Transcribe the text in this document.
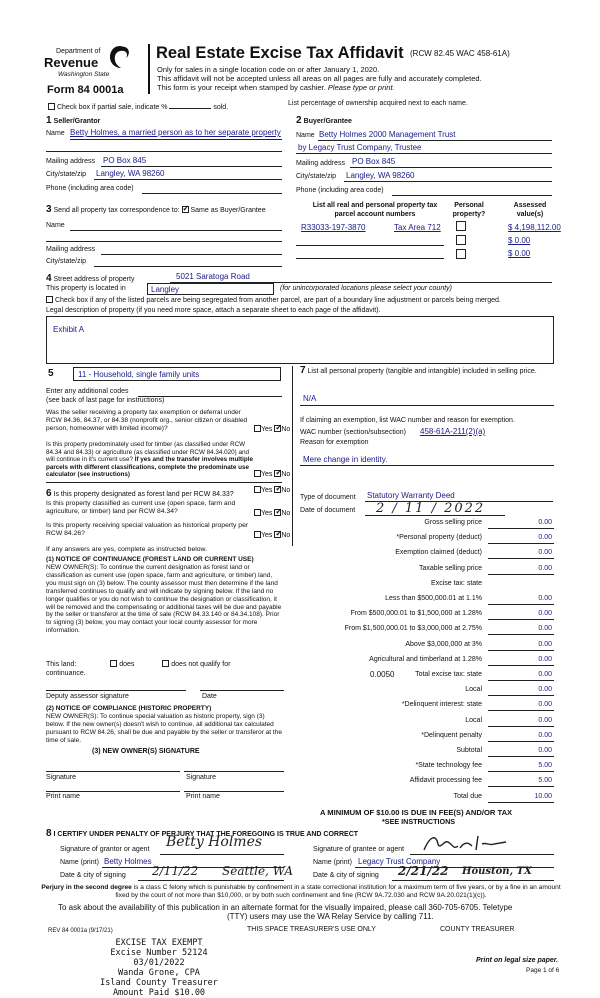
Department of
Revenue
Washington State
Form 84 0001a
Real Estate Excise Tax Affidavit (RCW 82.45 WAC 458-61A)
Only for sales in a single location code on or after January 1, 2020.
This affidavit will not be accepted unless all areas on all pages are fully and accurately completed.
This form is your receipt when stamped by cashier. Please type or print.
Check box if partial sale, indicate %	sold.
List percentage of ownership acquired next to each name.
1 Seller/Grantor
Name Betty Holmes, a married person as to her separate property
Mailing address PO Box 845
City/state/zip Langley, WA 98260
Phone (including area code)
2 Buyer/Grantee
Name Betty Holmes 2000 Management Trust
by Legacy Trust Company, Trustee
Mailing address PO Box 845
City/state/zip Langley, WA 98260
Phone (including area code)
3 Send all property tax correspondence to: ✓ Same as Buyer/Grantee
Name
Mailing address
City/state/zip
List all real and personal property tax
parcel account numbers
Personal
property?
Assessed
value(s)
R33033-197-3870	Tax Area 712	$ 4,198,112.00
$ 0.00
$ 0.00
4 Street address of property	5021 Saratoga Road
This property is located in	Langley	(for unincorporated locations please select your county)
Check box if any of the listed parcels are being segregated from another parcel, are part of a boundary line adjustment or parcels being merged.
Legal description of property (if you need more space, attach a separate sheet to each page of the affidavit).
Exhibit A
5	11 - Household, single family units
Enter any additional codes
(see back of last page for instructions)
Was the seller receiving a property tax exemption or deferral under RCW 84.36, 84.37, or 84.38 (nonprofit org., senior citizen or disabled person, homeowner with limited income)?	Yes ✓ No
Is this property predominately used for timber (as classified under RCW 84.34 and 84.33) or agriculture (as classified under RCW 84.34.020) and will continue in it's current use? If yes and the transfer involves multiple parcels with different classifications, complete the predominate use calculator (see instructions)	Yes ✓ No
6 Is this property designated as forest land per RCW 84.33?
Yes ✓ No
Is this property classified as current use (open space, farm and agriculture, or timber) land per RCW 84.34?	Yes ✓ No
Is this property receiving special valuation as historical property per RCW 84.26?	Yes ✓ No
If any answers are yes, complete as instructed below.
(1) NOTICE OF CONTINUANCE (FOREST LAND OR CURRENT USE)
NEW OWNER(S): To continue the current designation as forest land or classification as current use (open space, farm and agriculture, or timber) land, you must sign on (3) below. The county assessor must then determine if the land transferred continues to qualify and will indicate by signing below. If the land no longer qualifies or you do not wish to continue the designation or classification, it will be removed and the compensating or additional taxes will be due and payable by the seller or transferor at the time of sale (RCW 84.33.140 or 84.34.108). Prior to signing (3) below, you may contact your local county assessor for more information.
This land:	does	does not qualify for
continuance.
Deputy assessor signature	Date
(2) NOTICE OF COMPLIANCE (HISTORIC PROPERTY)
NEW OWNER(S): To continue special valuation as historic property, sign (3) below. If the new owner(s) doesn't wish to continue, all additional tax calculated pursuant to RCW 84.26, shall be due and payable by the seller or transferor at the time of sale.
(3) NEW OWNER(S) SIGNATURE
Signature	Signature
Print name	Print name
7 List all personal property (tangible and intangible) included in selling price.
N/A
If claiming an exemption, list WAC number and reason for exemption.
WAC number (section/subsection) 458-61A-211(2)(a)
Reason for exemption
Mere change in identity.
Type of document Statutory Warranty Deed
Date of document 2 / 11 / 2022
Gross selling price	0.00
*Personal property (deduct)	0.00
Exemption claimed (deduct)	0.00
Taxable selling price	0.00
Excise tax: state
Less than $500,000.01 at 1.1%	0.00
From $500,000.01 to $1,500,000 at 1.28%	0.00
From $1,500,000.01 to $3,000,000 at 2.75%	0.00
Above $3,000,000 at 3%	0.00
Agricultural and timberland at 1.28%	0.00
Total excise tax: state	0.00
Local	0.00
*Delinquent interest: state	0.00
Local	0.00
*Delinquent penalty	0.00
Subtotal	0.00
*State technology fee	5.00
Affidavit processing fee	5.00
Total due	10.00
0.0050
A MINIMUM OF $10.00 IS DUE IN FEE(S) AND/OR TAX
*SEE INSTRUCTIONS
8 I CERTIFY UNDER PENALTY OF PERJURY THAT THE FOREGOING IS TRUE AND CORRECT
Signature of grantor or agent Betty Holmes
Name (print) Betty Holmes
Date & city of signing 2/11/22 Seattle, WA
Signature of grantee or agent
Name (print) Legacy Trust Company
Date & city of signing 2/21/22 Houston, TX
Perjury in the second degree is a class C felony which is punishable by confinement in a state correctional institution for a maximum term of five years, or by a fine in an amount fixed by the court of not more than $10,000, or by both such confinement and fine (RCW 9A.72.030 and RCW 9A.20.021(1)(c)).
To ask about the availability of this publication in an alternate format for the visually impaired, please call 360-705-6705. Teletype
(TTY) users may use the WA Relay Service by calling 711.
REV 84 0001a (9/17/21)	THIS SPACE TREASURER'S USE ONLY	COUNTY TREASURER
EXCISE TAX EXEMPT
Excise Number 52124
03/01/2022
Wanda Grone, CPA
Island County Treasurer
Amount Paid $10.00
Print on legal size paper.
Page 1 of 6
